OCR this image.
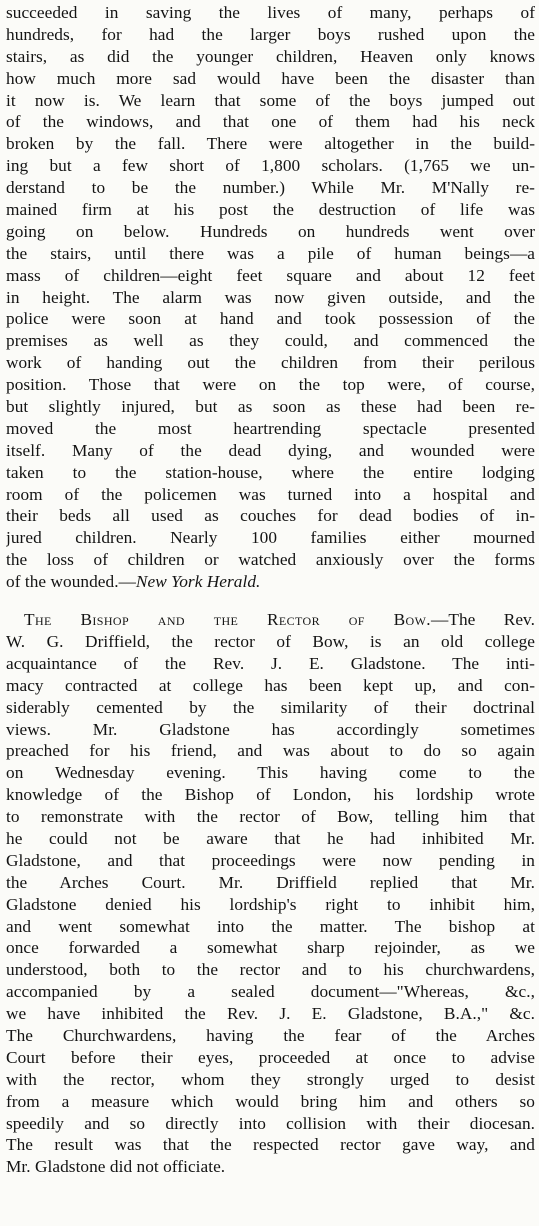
succeeded in saving the lives of many, perhaps of
hundreds, for had the larger boys rushed upon the
stairs, as did the younger children, Heaven only knows
how much more sad would have been the disaster than
it now is. We learn that some of the boys jumped out
of the windows, and that one of them had his neck
broken by the fall. There were altogether in the build-
ing but a few short of 1,800 scholars. (1,765 we un-
derstand to be the number.) While Mr. M'Nally re-
mained firm at his post the destruction of life was
going on below. Hundreds on hundreds went over
the stairs, until there was a pile of human beings—a
mass of children—eight feet square and about 12 feet
in height. The alarm was now given outside, and the
police were soon at hand and took possession of the
premises as well as they could, and commenced the
work of handing out the children from their perilous
position. Those that were on the top were, of course,
but slightly injured, but as soon as these had been re-
moved the most heartrending spectacle presented
itself. Many of the dead dying, and wounded were
taken to the station-house, where the entire lodging
room of the policemen was turned into a hospital and
their beds all used as couches for dead bodies of in-
jured children. Nearly 100 families either mourned
the loss of children or watched anxiously over the forms
of the wounded.—New York Herald.
The Bishop and the Rector of Bow.—The Rev.
W. G. Driffield, the rector of Bow, is an old college
acquaintance of the Rev. J. E. Gladstone. The inti-
macy contracted at college has been kept up, and con-
siderably cemented by the similarity of their doctrinal
views. Mr. Gladstone has accordingly sometimes
preached for his friend, and was about to do so again
on Wednesday evening. This having come to the
knowledge of the Bishop of London, his lordship wrote
to remonstrate with the rector of Bow, telling him that
he could not be aware that he had inhibited Mr.
Gladstone, and that proceedings were now pending in
the Arches Court. Mr. Driffield replied that Mr.
Gladstone denied his lordship's right to inhibit him,
and went somewhat into the matter. The bishop at
once forwarded a somewhat sharp rejoinder, as we
understood, both to the rector and to his churchwardens,
accompanied by a sealed document—"Whereas, &c.,
we have inhibited the Rev. J. E. Gladstone, B.A.," &c.
The Churchwardens, having the fear of the Arches
Court before their eyes, proceeded at once to advise
with the rector, whom they strongly urged to desist
from a measure which would bring him and others so
speedily and so directly into collision with their diocesan.
The result was that the respected rector gave way, and
Mr. Gladstone did not officiate.
